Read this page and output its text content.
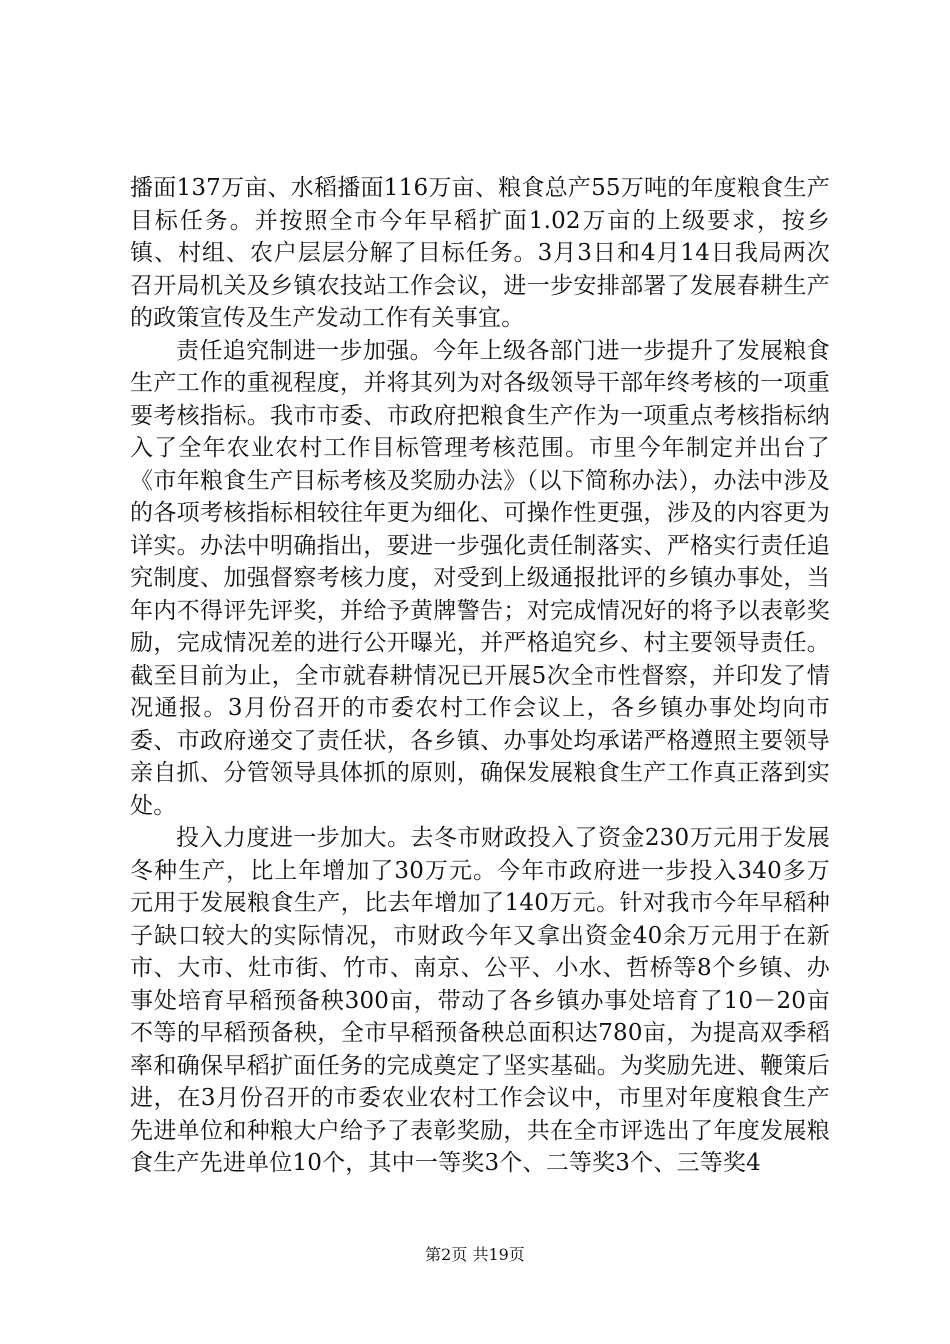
播面137万亩、水稻播面116万亩、粮食总产55万吨的年度粮食生产目标任务。并按照全市今年早稻扩面1.02万亩的上级要求，按乡镇、村组、农户层层分解了目标任务。3月3日和4月14日我局两次召开局机关及乡镇农技站工作会议，进一步安排部署了发展春耕生产的政策宣传及生产发动工作有关事宜。

责任追究制进一步加强。今年上级各部门进一步提升了发展粮食生产工作的重视程度，并将其列为对各级领导干部年终考核的一项重要考核指标。我市市委、市政府把粮食生产作为一项重点考核指标纳入了全年农业农村工作目标管理考核范围。市里今年制定并出台了《市年粮食生产目标考核及奖励办法》（以下简称办法），办法中涉及的各项考核指标相较往年更为细化、可操作性更强，涉及的内容更为详实。办法中明确指出，要进一步强化责任制落实、严格实行责任追究制度、加强督察考核力度，对受到上级通报批评的乡镇办事处，当年内不得评先评奖，并给予黄牌警告；对完成情况好的将予以表彰奖励，完成情况差的进行公开曝光，并严格追究乡、村主要领导责任。截至目前为止，全市就春耕情况已开展5次全市性督察，并印发了情况通报。3月份召开的市委农村工作会议上，各乡镇办事处均向市委、市政府递交了责任状，各乡镇、办事处均承诺严格遵照主要领导亲自抓、分管领导具体抓的原则，确保发展粮食生产工作真正落到实处。

投入力度进一步加大。去冬市财政投入了资金230万元用于发展冬种生产，比上年增加了30万元。今年市政府进一步投入340多万元用于发展粮食生产，比去年增加了140万元。针对我市今年早稻种子缺口较大的实际情况，市财政今年又拿出资金40余万元用于在新市、大市、灶市街、竹市、南京、公平、小水、哲桥等8个乡镇、办事处培育早稻预备秧300亩，带动了各乡镇办事处培育了10－20亩不等的早稻预备秧，全市早稻预备秧总面积达780亩，为提高双季稻率和确保早稻扩面任务的完成奠定了坚实基础。为奖励先进、鞭策后进，在3月份召开的市委农业农村工作会议中，市里对年度粮食生产先进单位和种粮大户给予了表彰奖励，共在全市评选出了年度发展粮食生产先进单位10个，其中一等奖3个、二等奖3个、三等奖4

第2页 共19页
